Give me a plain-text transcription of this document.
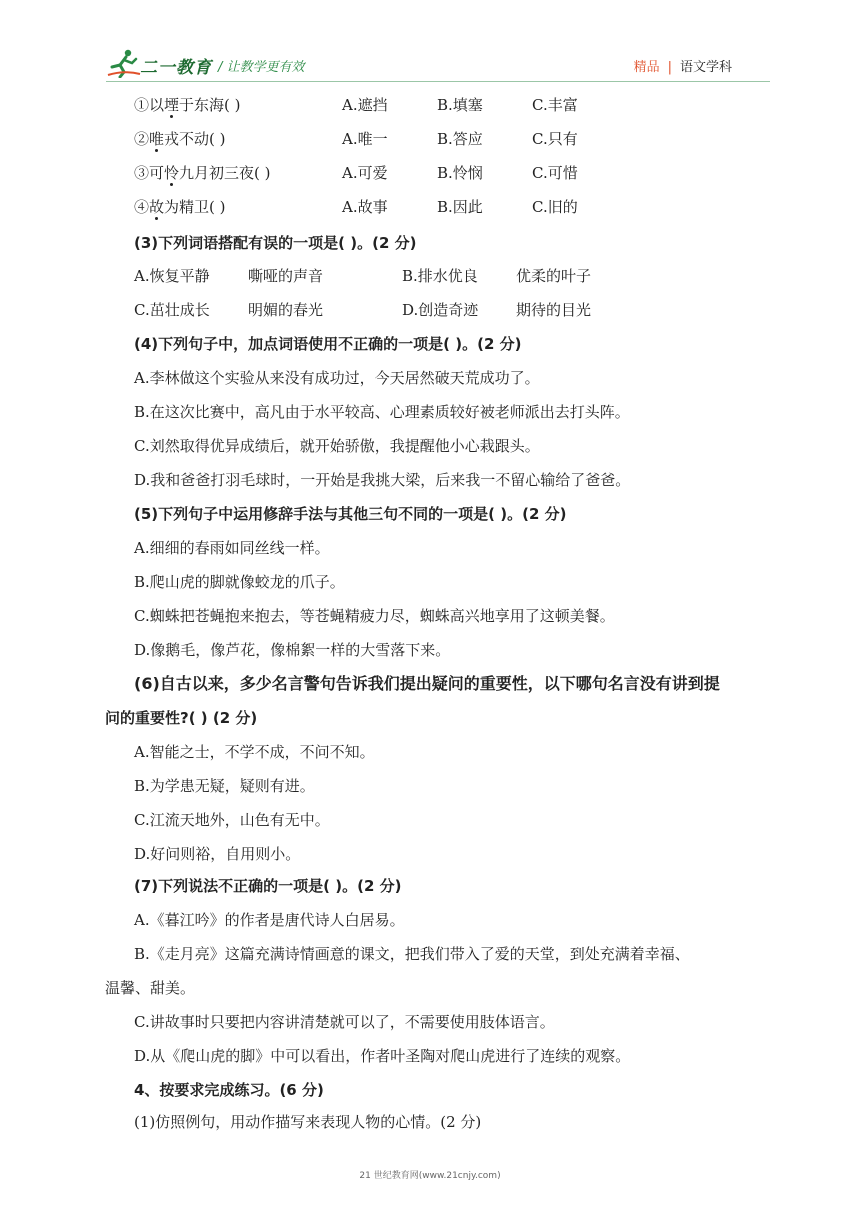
二一教育 / 让教学更有效	精品 | 语文学科
①以堙于东海( )	A.遮挡	B.填塞	C.丰富
②唯戎不动( )	A.唯一	B.答应	C.只有
③可怜九月初三夜( )	A.可爱	B.怜悯	C.可惜
④故为精卫( )	A.故事	B.因此	C.旧的
(3)下列词语搭配有误的一项是( )。(2 分)
A.恢复平静	嘶哑的声音	B.排水优良	优柔的叶子
C.茁壮成长	明媚的春光	D.创造奇迹	期待的目光
(4)下列句子中，加点词语使用不正确的一项是( )。(2 分)
A.李林做这个实验从来没有成功过，今天居然破天荒成功了。
B.在这次比赛中，高凡由于水平较高、心理素质较好被老师派出去打头阵。
C.刘然取得优异成绩后，就开始骄傲，我提醒他小心栽跟头。
D.我和爸爸打羽毛球时，一开始是我挑大梁，后来我一不留心输给了爸爸。
(5)下列句子中运用修辞手法与其他三句不同的一项是( )。(2 分)
A.细细的春雨如同丝线一样。
B.爬山虎的脚就像蛟龙的爪子。
C.蜘蛛把苍蝇抱来抱去，等苍蝇精疲力尽，蜘蛛高兴地享用了这顿美餐。
D.像鹅毛，像芦花，像棉絮一样的大雪落下来。
(6)自古以来，多少名言警句告诉我们提出疑问的重要性，以下哪句名言没有讲到提
问的重要性?( ) (2 分)
A.智能之士，不学不成，不问不知。
B.为学患无疑，疑则有进。
C.江流天地外，山色有无中。
D.好问则裕，自用则小。
(7)下列说法不正确的一项是( )。(2 分)
A.《暮江吟》的作者是唐代诗人白居易。
B.《走月亮》这篇充满诗情画意的课文，把我们带入了爱的天堂，到处充满着幸福、
温馨、甜美。
C.讲故事时只要把内容讲清楚就可以了，不需要使用肢体语言。
D.从《爬山虎的脚》中可以看出，作者叶圣陶对爬山虎进行了连续的观察。
4、按要求完成练习。(6 分)
(1)仿照例句，用动作描写来表现人物的心情。(2 分)
21 世纪教育网(www.21cnjy.com)
